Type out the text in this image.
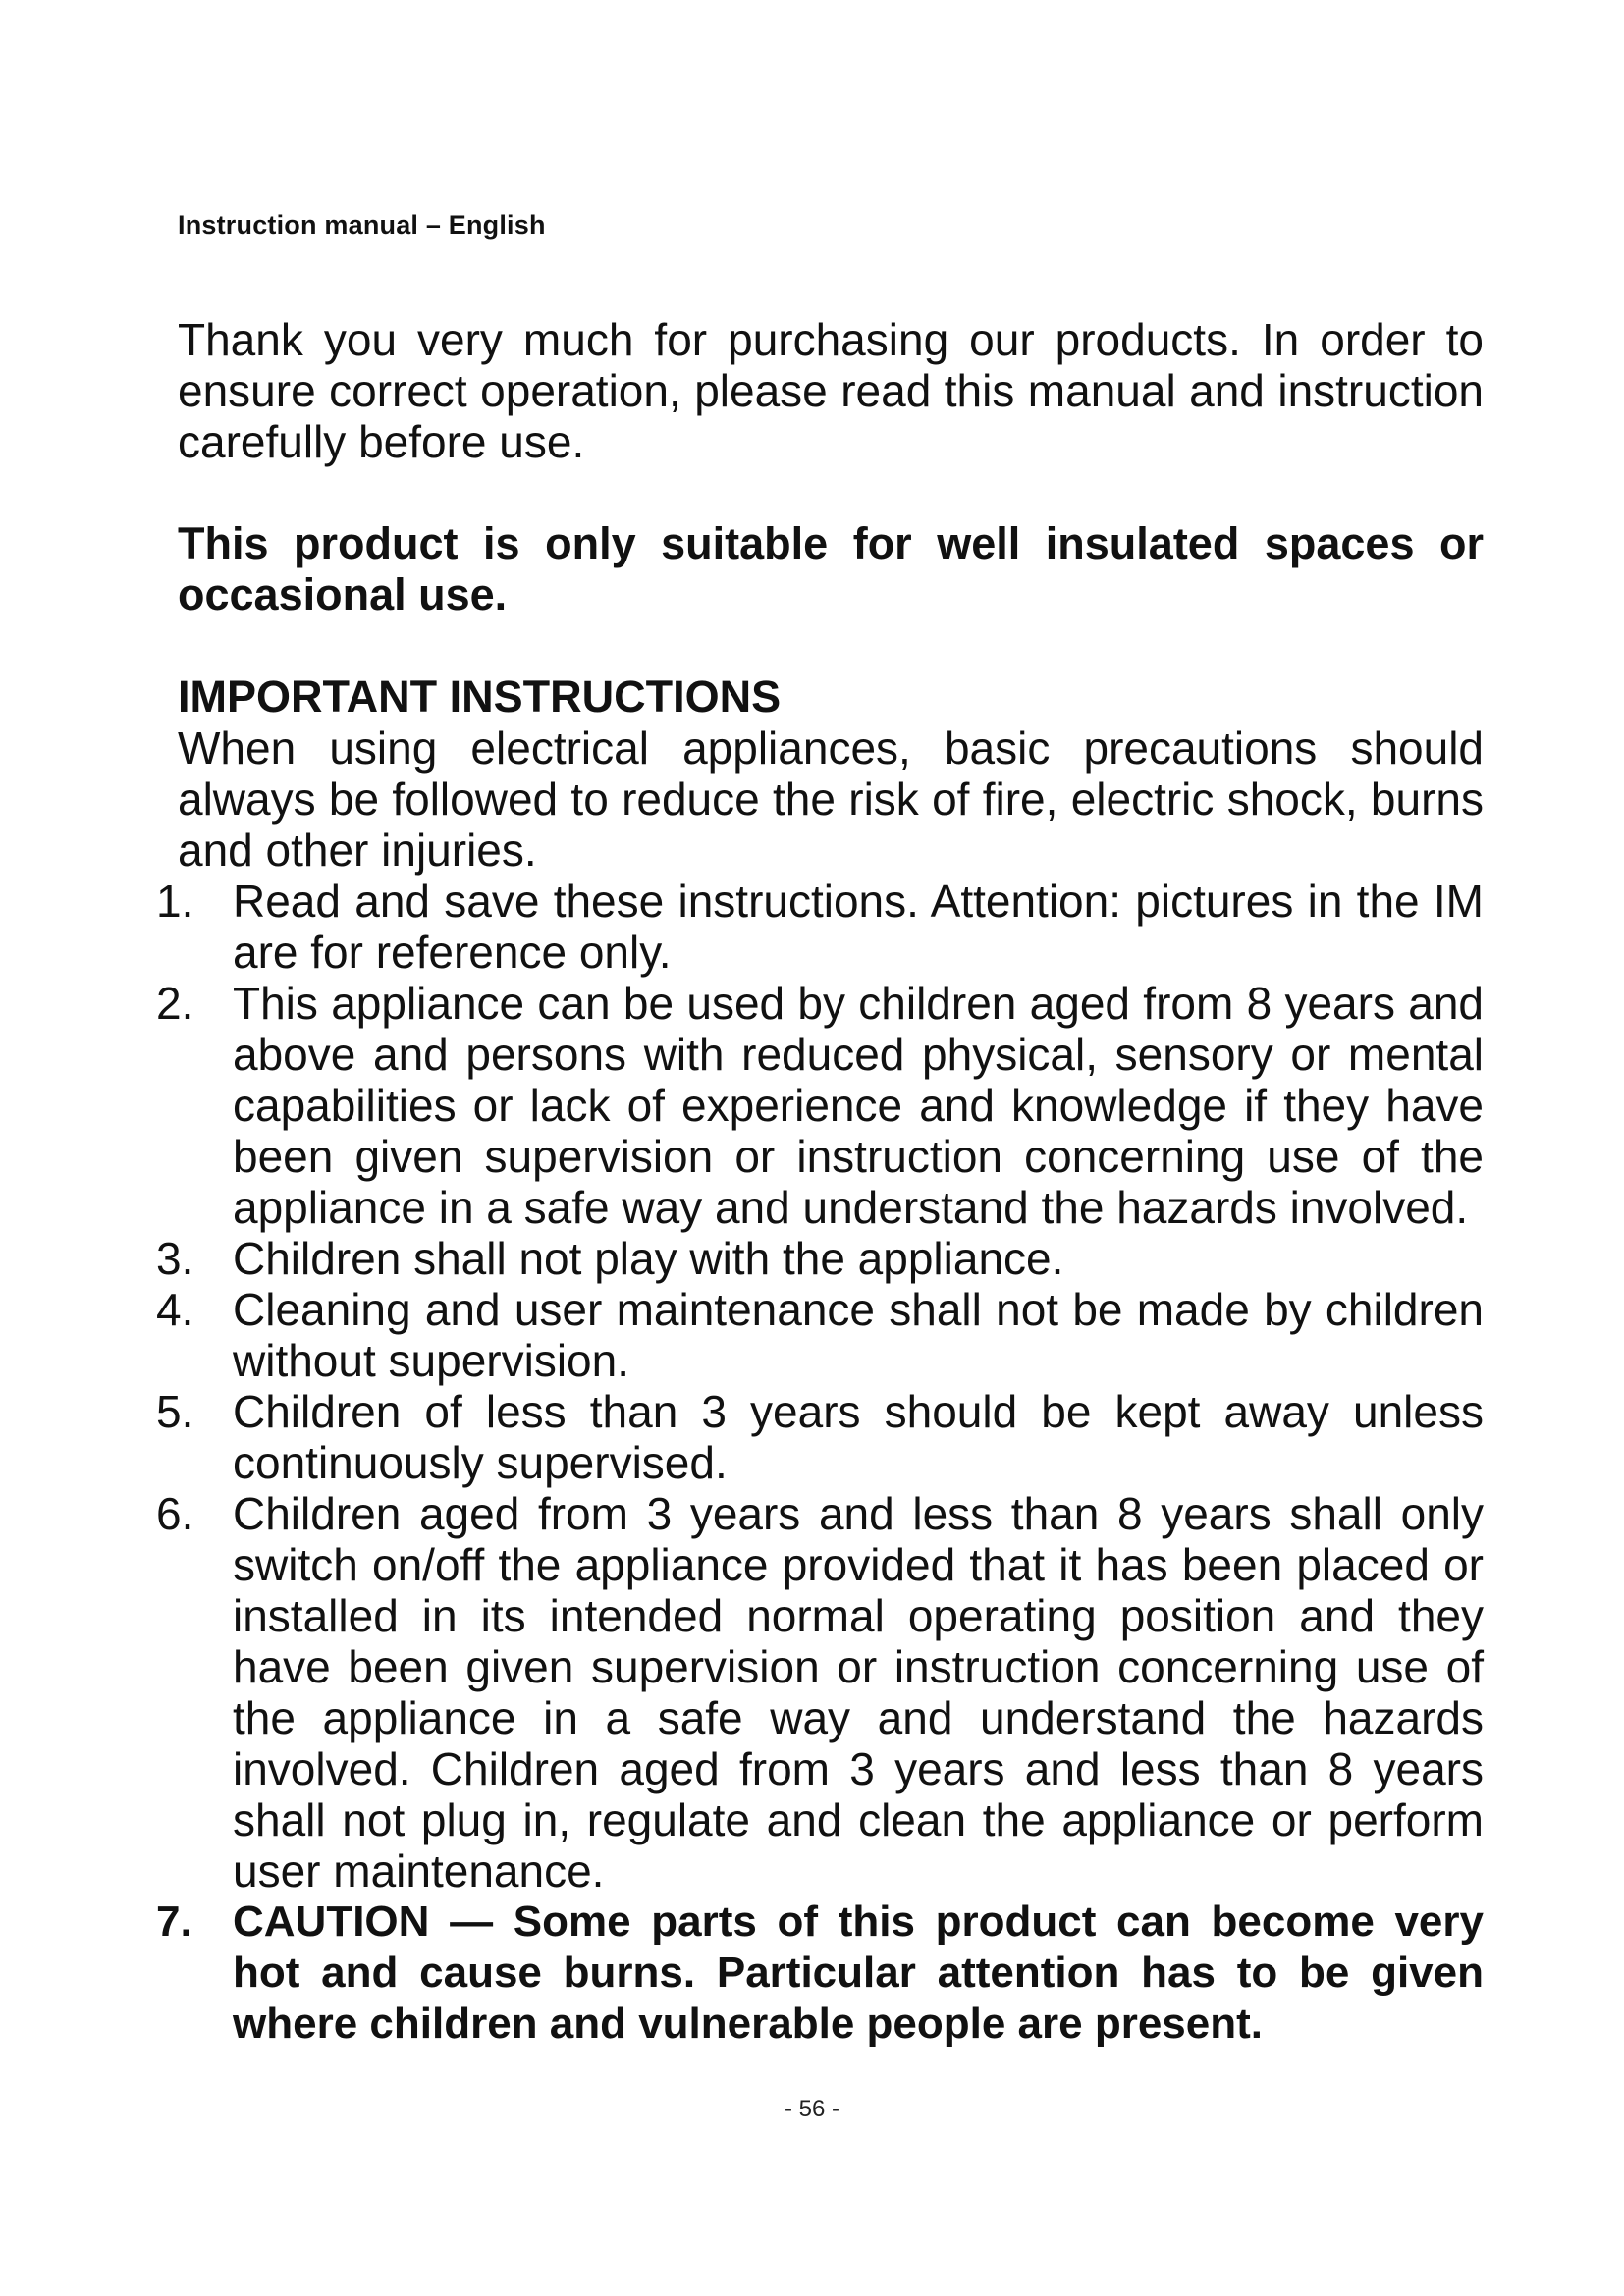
Instruction manual – English

Thank you very much for purchasing our products. In order to ensure correct operation, please read this manual and instruction carefully before use.

This product is only suitable for well insulated spaces or occasional use.

IMPORTANT INSTRUCTIONS

When using electrical appliances, basic precautions should always be followed to reduce the risk of fire, electric shock, burns and other injuries.

1. Read and save these instructions. Attention: pictures in the IM are for reference only.
2. This appliance can be used by children aged from 8 years and above and persons with reduced physical, sensory or mental capabilities or lack of experience and knowledge if they have been given supervision or instruction concerning use of the appliance in a safe way and understand the hazards involved.
3. Children shall not play with the appliance.
4. Cleaning and user maintenance shall not be made by children without supervision.
5. Children of less than 3 years should be kept away unless continuously supervised.
6. Children aged from 3 years and less than 8 years shall only switch on/off the appliance provided that it has been placed or installed in its intended normal operating position and they have been given supervision or instruction concerning use of the appliance in a safe way and understand the hazards involved. Children aged from 3 years and less than 8 years shall not plug in, regulate and clean the appliance or perform user maintenance.
7. CAUTION — Some parts of this product can become very hot and cause burns. Particular attention has to be given where children and vulnerable people are present.
- 56 -
